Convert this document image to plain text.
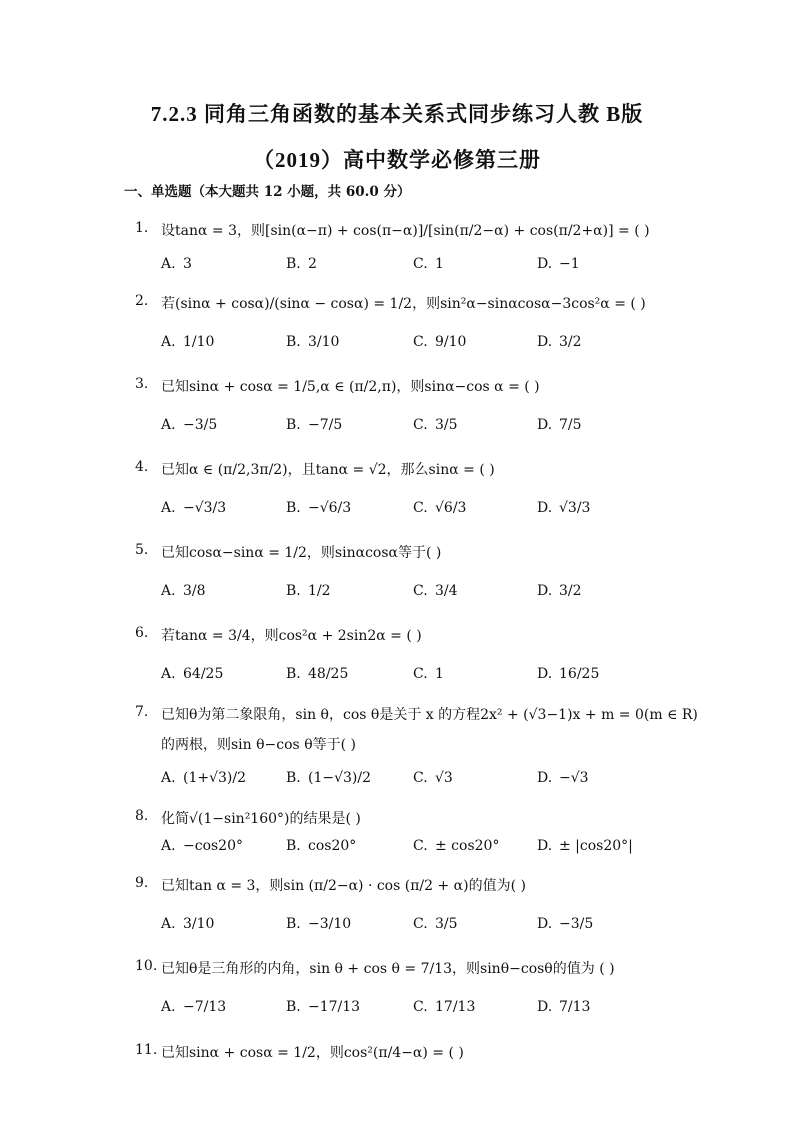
7.2.3 同角三角函数的基本关系式同步练习人教 B版
（2019）高中数学必修第三册
一、单选题（本大题共 12 小题，共 60.0 分）
1. 设tanα = 3，则[sin(α−π) + cos(π−α)]/[sin(π/2−α) + cos(π/2+α)] = ( )
A. 3	B. 2	C. 1	D. −1
2. 若(sinα + cosα)/(sinα − cosα) = 1/2，则sin²α−sinαcosα−3cos²α = ( )
A. 1/10	B. 3/10	C. 9/10	D. 3/2
3. 已知sinα + cosα = 1/5,α ∈ (π/2,π)，则sinα−cos α = ( )
A. −3/5	B. −7/5	C. 3/5	D. 7/5
4. 已知α ∈ (π/2,3π/2)，且tanα = √2，那么sinα = ( )
A. −√3/3	B. −√6/3	C. √6/3	D. √3/3
5. 已知cosα−sinα = 1/2，则sinαcosα等于( )
A. 3/8	B. 1/2	C. 3/4	D. 3/2
6. 若tanα = 3/4，则cos²α + 2sin2α = ( )
A. 64/25	B. 48/25	C. 1	D. 16/25
7. 已知θ为第二象限角，sin θ，cos θ是关于 x 的方程2x² + (√3−1)x + m = 0(m ∈ R)
的两根，则sin θ−cos θ等于( )
A. (1+√3)/2	B. (1−√3)/2	C. √3	D. −√3
8. 化简√(1−sin²160°)的结果是( )
A. −cos20°	B. cos20°	C. ± cos20°	D. ± |cos20°|
9. 已知tan α = 3，则sin (π/2−α) · cos (π/2 + α)的值为( )
A. 3/10	B. −3/10	C. 3/5	D. −3/5
10. 已知θ是三角形的内角，sin θ + cos θ = 7/13，则sinθ−cosθ的值为 ( )
A. −7/13	B. −17/13	C. 17/13	D. 7/13
11. 已知sinα + cosα = 1/2，则cos²(π/4−α) = ( )
